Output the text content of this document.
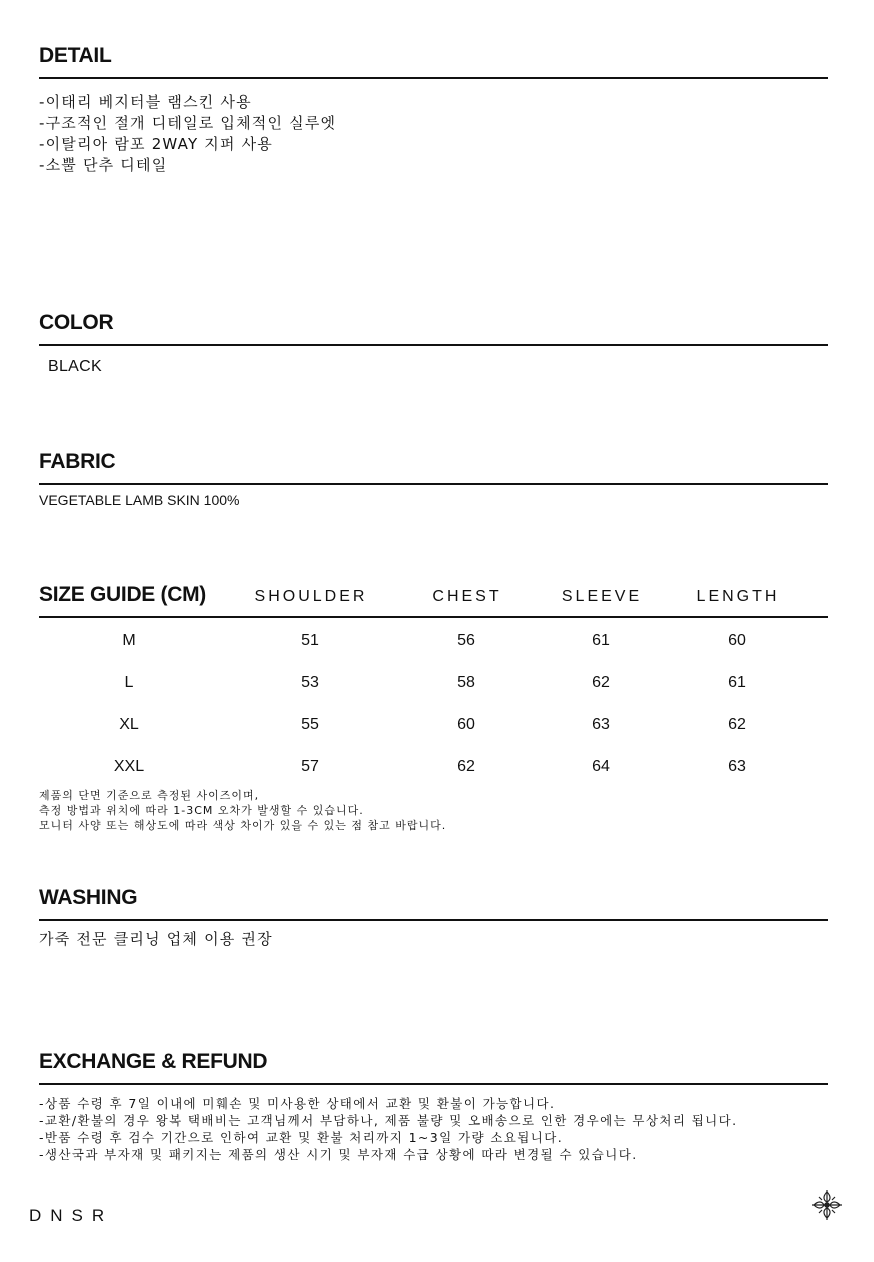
DETAIL
-이태리 베지터블 램스킨 사용
-구조적인 절개 디테일로 입체적인 실루엣
-이탈리아 람포 2WAY 지퍼 사용
-소뿔 단추 디테일
COLOR
BLACK
FABRIC
VEGETABLE LAMB SKIN 100%
SIZE GUIDE (CM)	SHOULDER	CHEST	SLEEVE	LENGTH
M	51	56	61	60
L	53	58	62	61
XL	55	60	63	62
XXL	57	62	64	63
제품의 단면 기준으로 측정된 사이즈이며,
측정 방법과 위치에 따라 1-3CM 오차가 발생할 수 있습니다.
모니터 사양 또는 해상도에 따라 색상 차이가 있을 수 있는 점 참고 바랍니다.
WASHING
가죽 전문 클리닝 업체 이용 권장
EXCHANGE & REFUND
-상품 수령 후 7일 이내에 미훼손 및 미사용한 상태에서 교환 및 환불이 가능합니다.
-교환/환불의 경우 왕복 택배비는 고객님께서 부담하나, 제품 불량 및 오배송으로 인한 경우에는 무상처리 됩니다.
-반품 수령 후 검수 기간으로 인하여 교환 및 환불 처리까지 1~3일 가량 소요됩니다.
-생산국과 부자재 및 패키지는 제품의 생산 시기 및 부자재 수급 상황에 따라 변경될 수 있습니다.
DNSR
